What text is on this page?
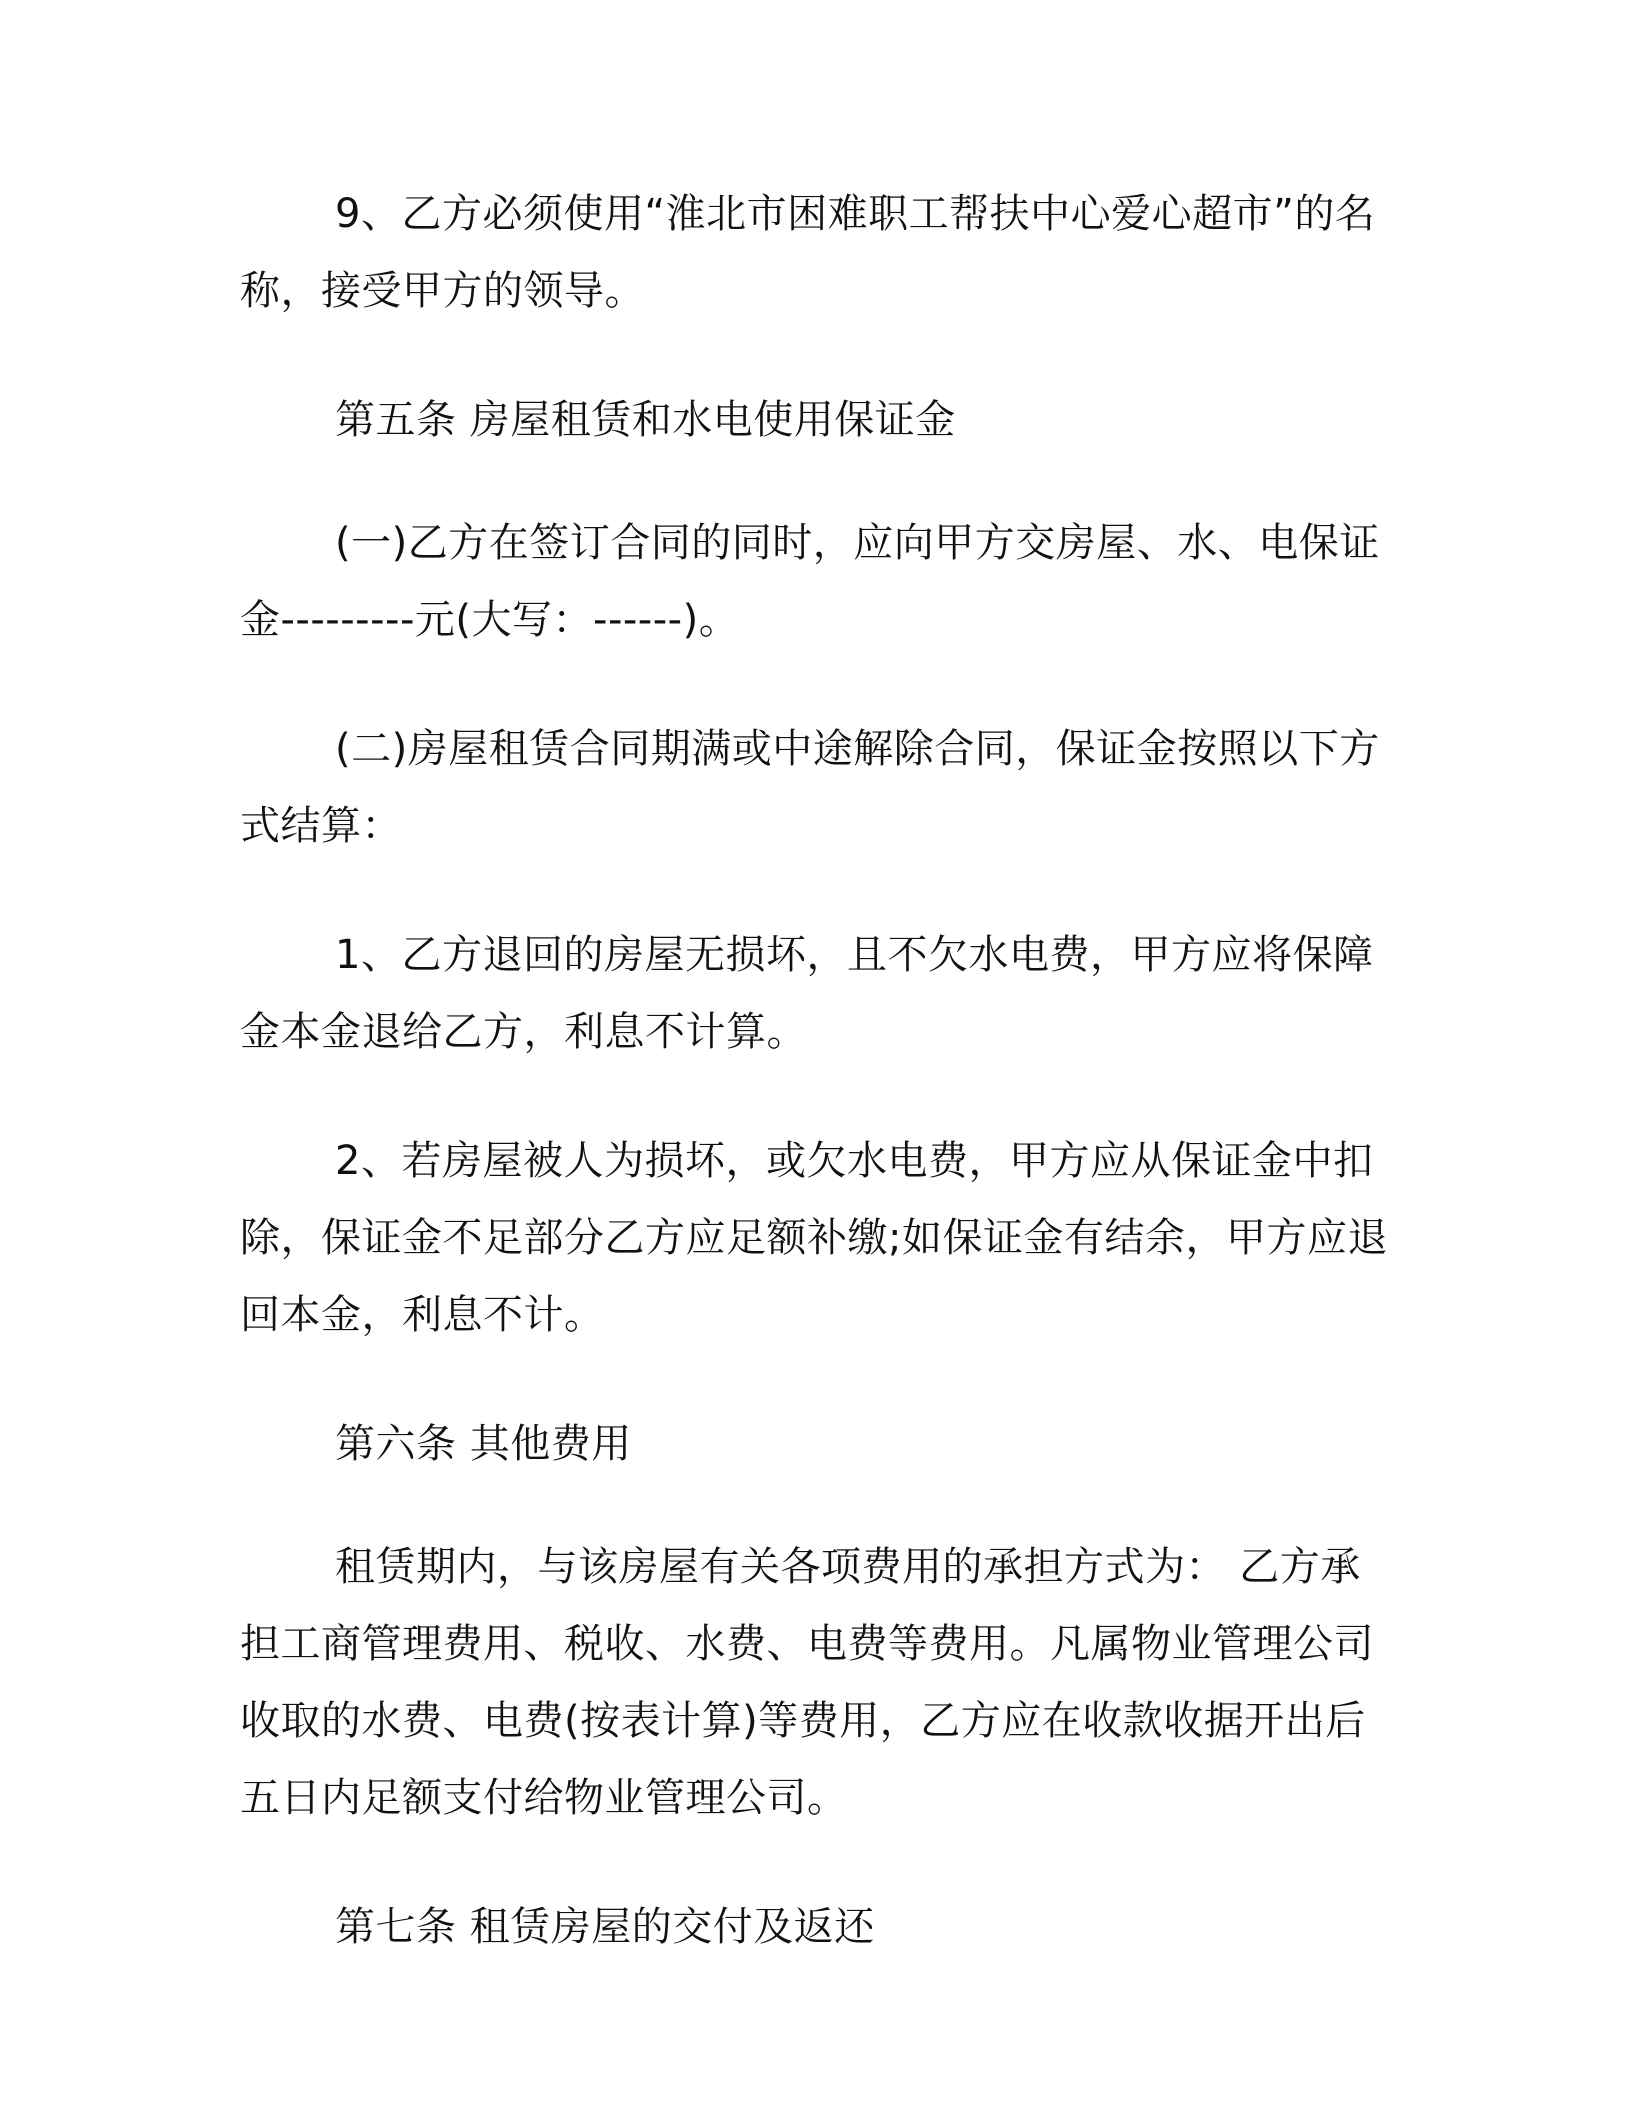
9、乙方必须使用“淮北市困难职工帮扶中心爱心超市”的名称，接受甲方的领导。

第五条 房屋租赁和水电使用保证金

(一)乙方在签订合同的同时，应向甲方交房屋、水、电保证金---------元(大写：------)。

(二)房屋租赁合同期满或中途解除合同，保证金按照以下方式结算：

1、乙方退回的房屋无损坏，且不欠水电费，甲方应将保障金本金退给乙方，利息不计算。

2、若房屋被人为损坏，或欠水电费，甲方应从保证金中扣除，保证金不足部分乙方应足额补缴;如保证金有结余，甲方应退回本金，利息不计。

第六条 其他费用

租赁期内，与该房屋有关各项费用的承担方式为： 乙方承担工商管理费用、税收、水费、电费等费用。凡属物业管理公司收取的水费、电费(按表计算)等费用，乙方应在收款收据开出后五日内足额支付给物业管理公司。

第七条 租赁房屋的交付及返还
